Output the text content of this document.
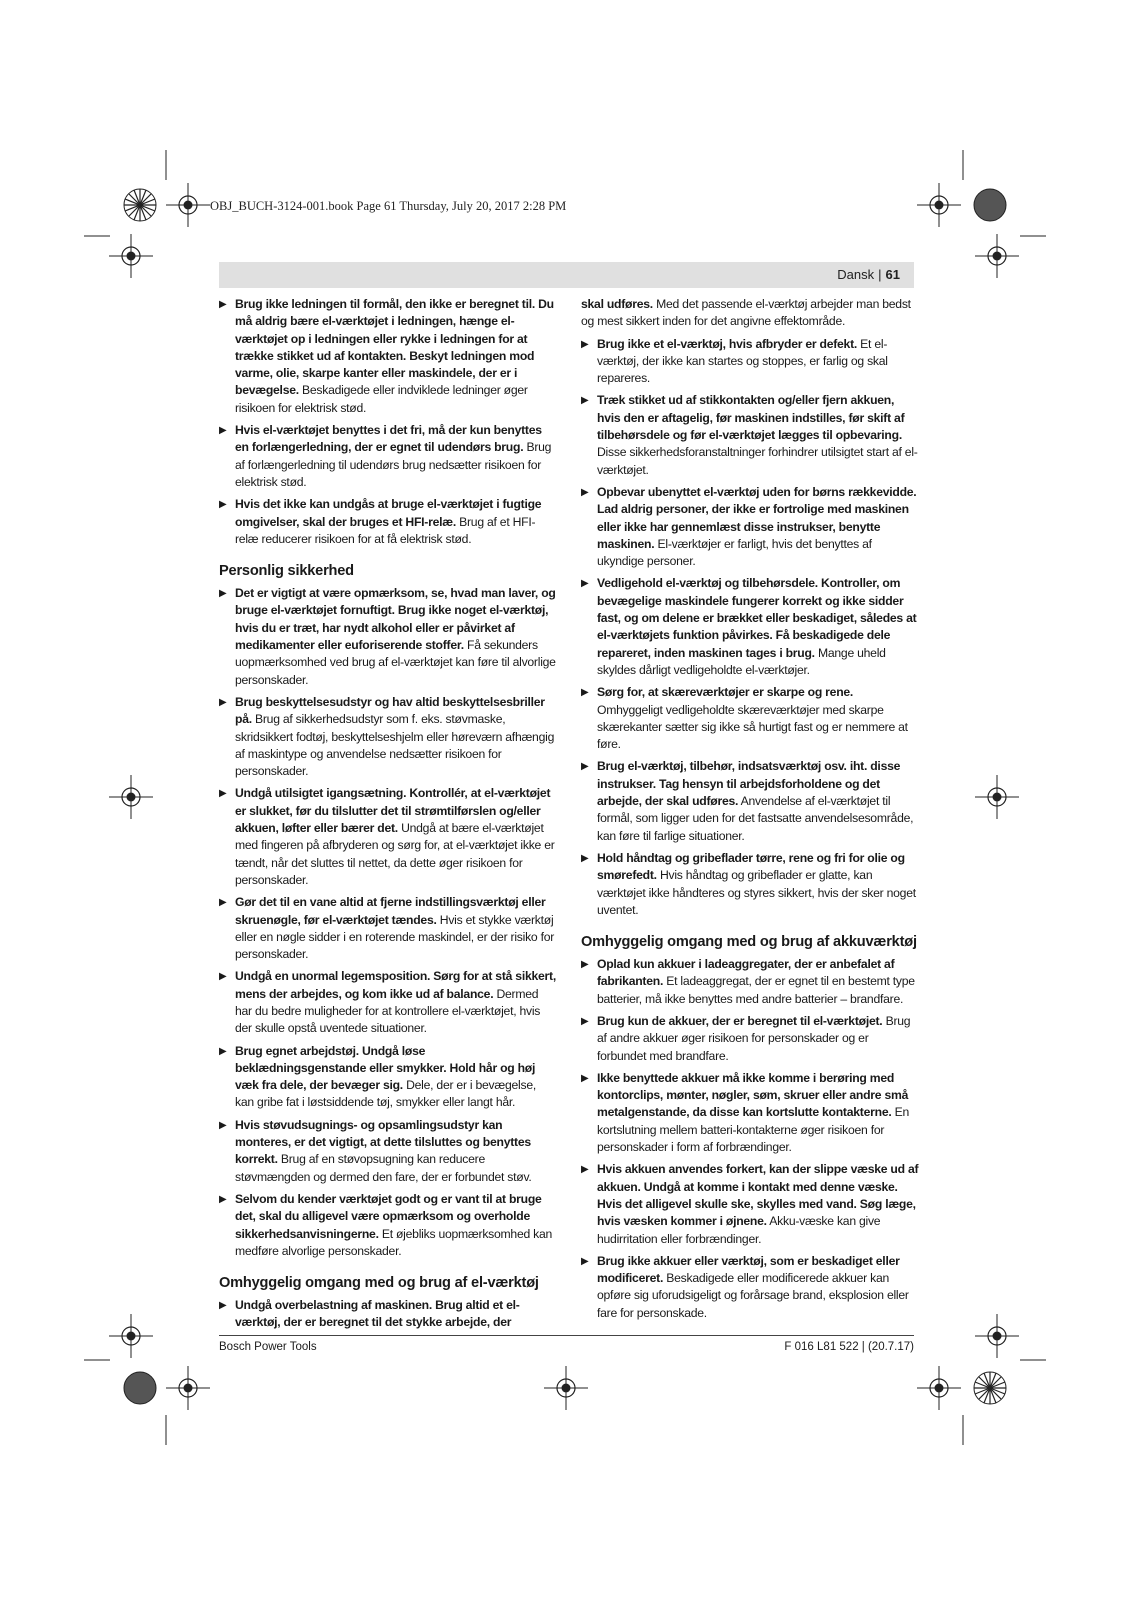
OBJ_BUCH-3124-001.book Page 61 Thursday, July 20, 2017 2:28 PM
Dansk | 61
▶ Brug ikke ledningen til formål, den ikke er beregnet til. Du må aldrig bære el-værktøjet i ledningen, hænge el-værktøjet op i ledningen eller rykke i ledningen for at trække stikket ud af kontakten. Beskyt ledningen mod varme, olie, skarpe kanter eller maskindele, der er i bevægelse. Beskadigede eller indviklede ledninger øger risikoen for elektrisk stød.
▶ Hvis el-værktøjet benyttes i det fri, må der kun benyttes en forlængerledning, der er egnet til udendørs brug. Brug af forlængerledning til udendørs brug nedsætter risikoen for elektrisk stød.
▶ Hvis det ikke kan undgås at bruge el-værktøjet i fugtige omgivelser, skal der bruges et HFI-relæ. Brug af et HFI-relæ reducerer risikoen for at få elektrisk stød.
Personlig sikkerhed
▶ Det er vigtigt at være opmærksom, se, hvad man laver, og bruge el-værktøjet fornuftigt. Brug ikke noget el-værktøj, hvis du er træt, har nydt alkohol eller er påvirket af medikamenter eller euforiserende stoffer. Få sekunders uopmærksomhed ved brug af el-værktøjet kan føre til alvorlige personskader.
▶ Brug beskyttelsesudstyr og hav altid beskyttelsesbriller på. Brug af sikkerhedsudstyr som f. eks. støvmaske, skridsikkert fodtøj, beskyttelseshjelm eller høreværn afhængig af maskintype og anvendelse nedsætter risikoen for personskader.
▶ Undgå utilsigtet igangsætning. Kontrollér, at el-værktøjet er slukket, før du tilslutter det til strømtilførslen og/eller akkuen, løfter eller bærer det. Undgå at bære el-værktøjet med fingeren på afbryderen og sørg for, at el-værktøjet ikke er tændt, når det sluttes til nettet, da dette øger risikoen for personskader.
▶ Gør det til en vane altid at fjerne indstillingsværktøj eller skruenøgle, før el-værktøjet tændes. Hvis et stykke værktøj eller en nøgle sidder i en roterende maskindel, er der risiko for personskader.
▶ Undgå en unormal legemsposition. Sørg for at stå sikkert, mens der arbejdes, og kom ikke ud af balance. Dermed har du bedre muligheder for at kontrollere el-værktøjet, hvis der skulle opstå uventede situationer.
▶ Brug egnet arbejdstøj. Undgå løse beklædningsgenstande eller smykker. Hold hår og høj væk fra dele, der bevæger sig. Dele, der er i bevægelse, kan gribe fat i løstsiddende tøj, smykker eller langt hår.
▶ Hvis støvudsugnings- og opsamlingsudstyr kan monteres, er det vigtigt, at dette tilsluttes og benyttes korrekt. Brug af en støvopsugning kan reducere støvmængden og dermed den fare, der er forbundet støv.
▶ Selvom du kender værktøjet godt og er vant til at bruge det, skal du alligevel være opmærksom og overholde sikkerhedsanvisningerne. Et øjebliks uopmærksomhed kan medføre alvorlige personskader.
Omhyggelig omgang med og brug af el-værktøj
▶ Undgå overbelastning af maskinen. Brug altid et el-værktøj, der er beregnet til det stykke arbejde, der
skal udføres. Med det passende el-værktøj arbejder man bedst og mest sikkert inden for det angivne effektområde.
▶ Brug ikke et el-værktøj, hvis afbryder er defekt. Et el-værktøj, der ikke kan startes og stoppes, er farlig og skal repareres.
▶ Træk stikket ud af stikkontakten og/eller fjern akkuen, hvis den er aftagelig, før maskinen indstilles, før skift af tilbehørsdele og før el-værktøjet lægges til opbevaring. Disse sikkerhedsforanstaltninger forhindrer utilsigtet start af el-værktøjet.
▶ Opbevar ubenyttet el-værktøj uden for børns rækkevidde. Lad aldrig personer, der ikke er fortrolige med maskinen eller ikke har gennemlæst disse instrukser, benytte maskinen. El-værktøjer er farligt, hvis det benyttes af ukyndige personer.
▶ Vedligehold el-værktøj og tilbehørsdele. Kontroller, om bevægelige maskindele fungerer korrekt og ikke sidder fast, og om delene er brækket eller beskadiget, således at el-værktøjets funktion påvirkes. Få beskadigede dele repareret, inden maskinen tages i brug. Mange uheld skyldes dårligt vedligeholdte el-værktøjer.
▶ Sørg for, at skæreværktøjer er skarpe og rene. Omhyggeligt vedligeholdte skæreværktøjer med skarpe skærekanter sætter sig ikke så hurtigt fast og er nemmere at føre.
▶ Brug el-værktøj, tilbehør, indsatsværktøj osv. iht. disse instrukser. Tag hensyn til arbejdsforholdene og det arbejde, der skal udføres. Anvendelse af el-værktøjet til formål, som ligger uden for det fastsatte anvendelsesområde, kan føre til farlige situationer.
▶ Hold håndtag og gribeflader tørre, rene og fri for olie og smørefedt. Hvis håndtag og gribeflader er glatte, kan værktøjet ikke håndteres og styres sikkert, hvis der sker noget uventet.
Omhyggelig omgang med og brug af akkuværktøj
▶ Oplad kun akkuer i ladeaggregater, der er anbefalet af fabrikanten. Et ladeaggregat, der er egnet til en bestemt type batterier, må ikke benyttes med andre batterier – brandfare.
▶ Brug kun de akkuer, der er beregnet til el-værktøjet. Brug af andre akkuer øger risikoen for personskader og er forbundet med brandfare.
▶ Ikke benyttede akkuer må ikke komme i berøring med kontorclips, mønter, nøgler, søm, skruer eller andre små metalgenstande, da disse kan kortslutte kontakterne. En kortslutning mellem batteri-kontakterne øger risikoen for personskader i form af forbrændinger.
▶ Hvis akkuen anvendes forkert, kan der slippe væske ud af akkuen. Undgå at komme i kontakt med denne væske. Hvis det alligevel skulle ske, skylles med vand. Søg læge, hvis væsken kommer i øjnene. Akku-væske kan give hudirritation eller forbrændinger.
▶ Brug ikke akkuer eller værktøj, som er beskadiget eller modificeret. Beskadigede eller modificerede akkuer kan opføre sig uforudsigeligt og forårsage brand, eksplosion eller fare for personskade.
Bosch Power Tools	F 016 L81 522 | (20.7.17)
